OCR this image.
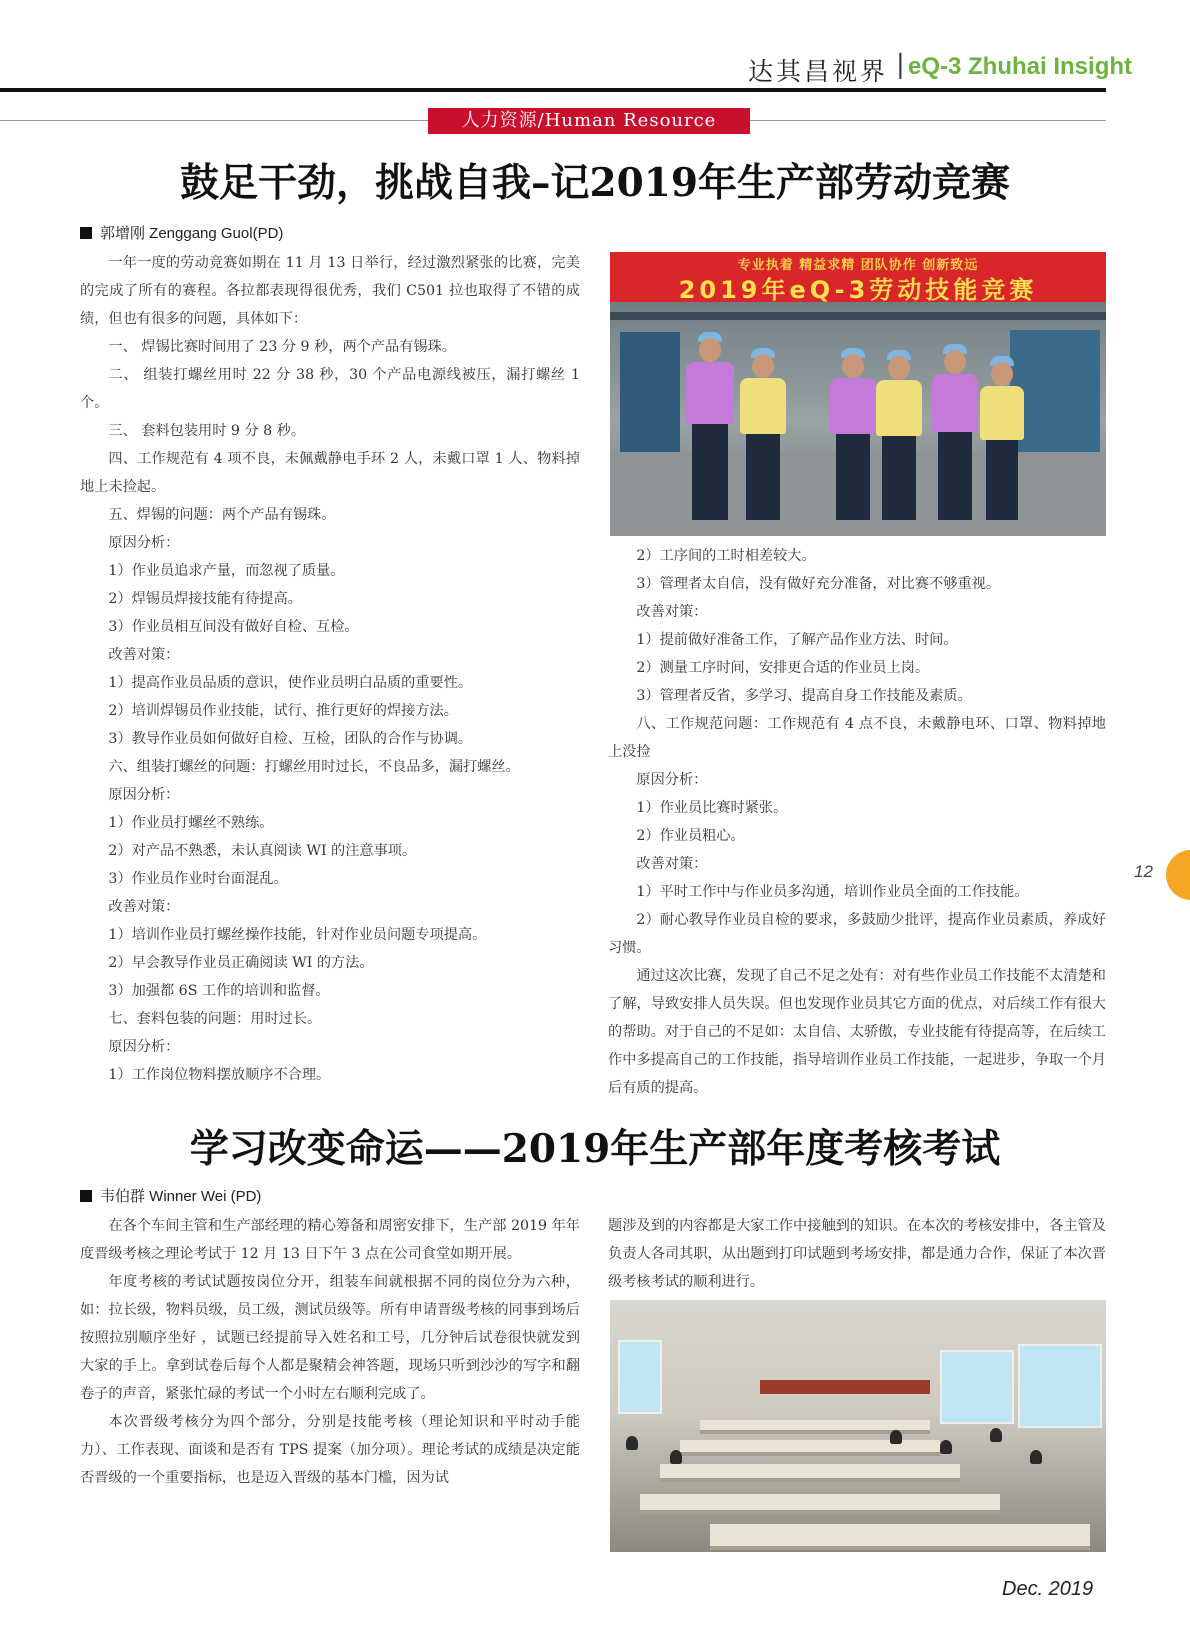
达其昌视界 | eQ-3 Zhuhai Insight
人力资源/Human Resource
鼓足干劲，挑战自我–记2019年生产部劳动竞赛
郭增刚 Zenggang Guol(PD)

一年一度的劳动竞赛如期在 11 月 13 日举行，经过激烈紧张的比赛，完美的完成了所有的赛程。各拉都表现得很优秀，我们 C501 拉也取得了不错的成绩，但也有很多的问题，具体如下：

一、 焊锡比赛时间用了 23 分 9 秒，两个产品有锡珠。

二、 组装打螺丝用时 22 分 38 秒，30 个产品电源线被压，漏打螺丝 1 个。

三、 套料包装用时 9 分 8 秒。

四、工作规范有 4 项不良，未佩戴静电手环 2 人，未戴口罩 1 人、物料掉地上未捡起。

五、焊锡的问题：两个产品有锡珠。

原因分析：

1）作业员追求产量，而忽视了质量。

2）焊锡员焊接技能有待提高。

3）作业员相互间没有做好自检、互检。

改善对策：

1）提高作业员品质的意识，使作业员明白品质的重要性。

2）培训焊锡员作业技能，试行、推行更好的焊接方法。

3）教导作业员如何做好自检、互检，团队的合作与协调。

六、组装打螺丝的问题：打螺丝用时过长，不良品多，漏打螺丝。

原因分析：

1）作业员打螺丝不熟练。

2）对产品不熟悉，未认真阅读 WI 的注意事项。

3）作业员作业时台面混乱。

改善对策：

1）培训作业员打螺丝操作技能，针对作业员问题专项提高。

2）早会教导作业员正确阅读 WI 的方法。

3）加强都 6S 工作的培训和监督。

七、套料包装的问题：用时过长。

原因分析：

1）工作岗位物料摆放顺序不合理。

专业执着 精益求精 团队协作 创新致远
2019年eQ-3劳动技能竞赛

2）工序间的工时相差较大。

3）管理者太自信，没有做好充分准备，对比赛不够重视。

改善对策：

1）提前做好准备工作，了解产品作业方法、时间。

2）测量工序时间，安排更合适的作业员上岗。

3）管理者反省，多学习、提高自身工作技能及素质。

八、工作规范问题：工作规范有 4 点不良，未戴静电环、口罩、物料掉地上没捡

原因分析：

1）作业员比赛时紧张。

2）作业员粗心。

改善对策：

1）平时工作中与作业员多沟通，培训作业员全面的工作技能。

2）耐心教导作业员自检的要求，多鼓励少批评，提高作业员素质，养成好习惯。

通过这次比赛，发现了自己不足之处有：对有些作业员工作技能不太清楚和了解，导致安排人员失误。但也发现作业员其它方面的优点，对后续工作有很大的帮助。对于自己的不足如：太自信、太骄傲，专业技能有待提高等，在后续工作中多提高自己的工作技能，指导培训作业员工作技能，一起进步，争取一个月后有质的提高。

学习改变命运——2019年生产部年度考核考试
韦伯群 Winner Wei (PD)

在各个车间主管和生产部经理的精心筹备和周密安排下，生产部 2019 年年度晋级考核之理论考试于 12 月 13 日下午 3 点在公司食堂如期开展。

年度考核的考试试题按岗位分开，组装车间就根据不同的岗位分为六种，如：拉长级，物料员级，员工级，测试员级等。所有申请晋级考核的同事到场后按照拉别顺序坐好 ，试题已经提前导入姓名和工号，几分钟后试卷很快就发到大家的手上。拿到试卷后每个人都是聚精会神答题，现场只听到沙沙的写字和翻卷子的声音，紧张忙碌的考试一个小时左右顺利完成了。

本次晋级考核分为四个部分，分别是技能考核（理论知识和平时动手能力）、工作表现、面谈和是否有 TPS 提案（加分项）。理论考试的成绩是决定能否晋级的一个重要指标，也是迈入晋级的基本门槛，因为试

题涉及到的内容都是大家工作中接触到的知识。在本次的考核安排中，各主管及负责人各司其职，从出题到打印试题到考场安排，都是通力合作，保证了本次晋级考核考试的顺利进行。

12
Dec. 2019
